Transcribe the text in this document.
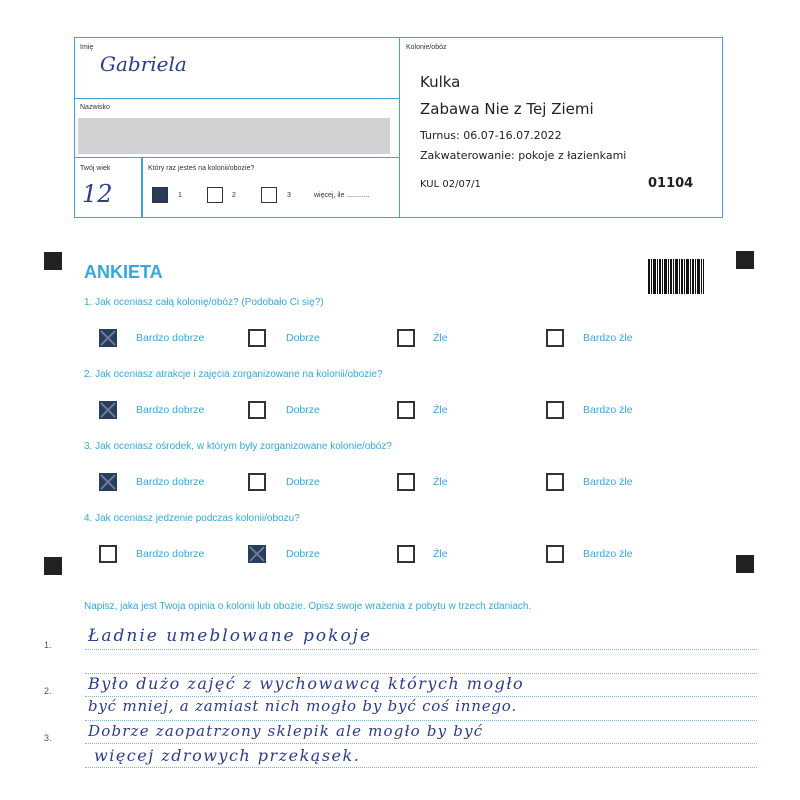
Imię
Gabriela
Nazwisko
Twój wiek
12
Który raz jesteś na kolonii/obozie?
1	2	3	więcej, ile ............
Kolonie/obóz
Kulka
Zabawa Nie z Tej Ziemi
Turnus: 06.07-16.07.2022
Zakwaterowanie: pokoje z łazienkami
KUL 02/07/1	01104
ANKIETA
1. Jak oceniasz całą kolonię/obóz? (Podobało Ci się?)
Bardzo dobrze	Dobrze	Źle	Bardzo źle
2. Jak oceniasz atrakcje i zajęcia zorganizowane na kolonii/obozie?
Bardzo dobrze	Dobrze	Źle	Bardzo źle
3. Jak oceniasz ośrodek, w którym były zorganizowane kolonie/obóz?
Bardzo dobrze	Dobrze	Źle	Bardzo źle
4. Jak oceniasz jedzenie podczas kolonii/obozu?
Bardzo dobrze	Dobrze	Źle	Bardzo źle
Napisz, jaka jest Twoja opinia o kolonii lub obozie. Opisz swoje wrażenia z pobytu w trzech zdaniach.
1.
2.
3.
Ładnie umeblowane pokoje
Było dużo zajęć z wychowawcą których mogło
być mniej, a zamiast nich mogło by być coś innego.
Dobrze zaopatrzony sklepik ale mogło by być
więcej zdrowych przekąsek.
